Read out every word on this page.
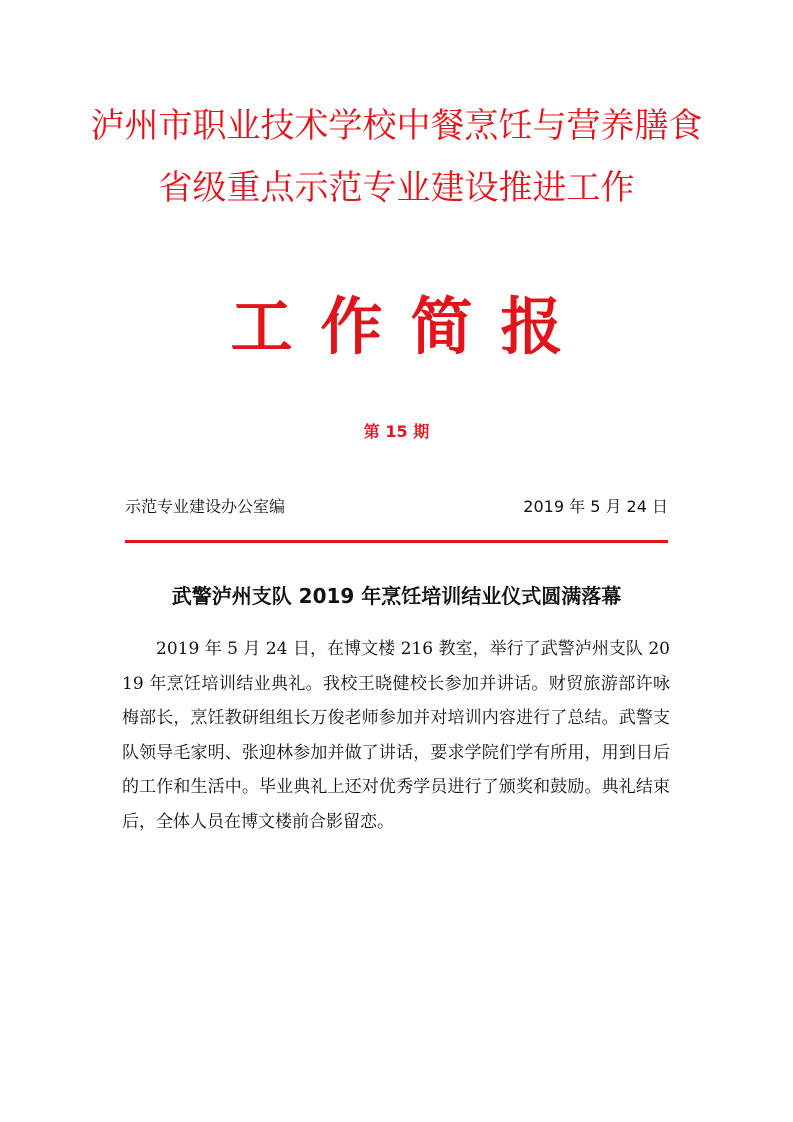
泸州市职业技术学校中餐烹饪与营养膳食
省级重点示范专业建设推进工作
工作简报
第 15 期
示范专业建设办公室编	2019 年 5 月 24 日
武警泸州支队 2019 年烹饪培训结业仪式圆满落幕

2019 年 5 月 24 日，在博文楼 216 教室，举行了武警泸州支队 2019 年烹饪培训结业典礼。我校王晓健校长参加并讲话。财贸旅游部许咏梅部长，烹饪教研组组长万俊老师参加并对培训内容进行了总结。武警支队领导毛家明、张迎林参加并做了讲话，要求学院们学有所用，用到日后的工作和生活中。毕业典礼上还对优秀学员进行了颁奖和鼓励。典礼结束后，全体人员在博文楼前合影留恋。
